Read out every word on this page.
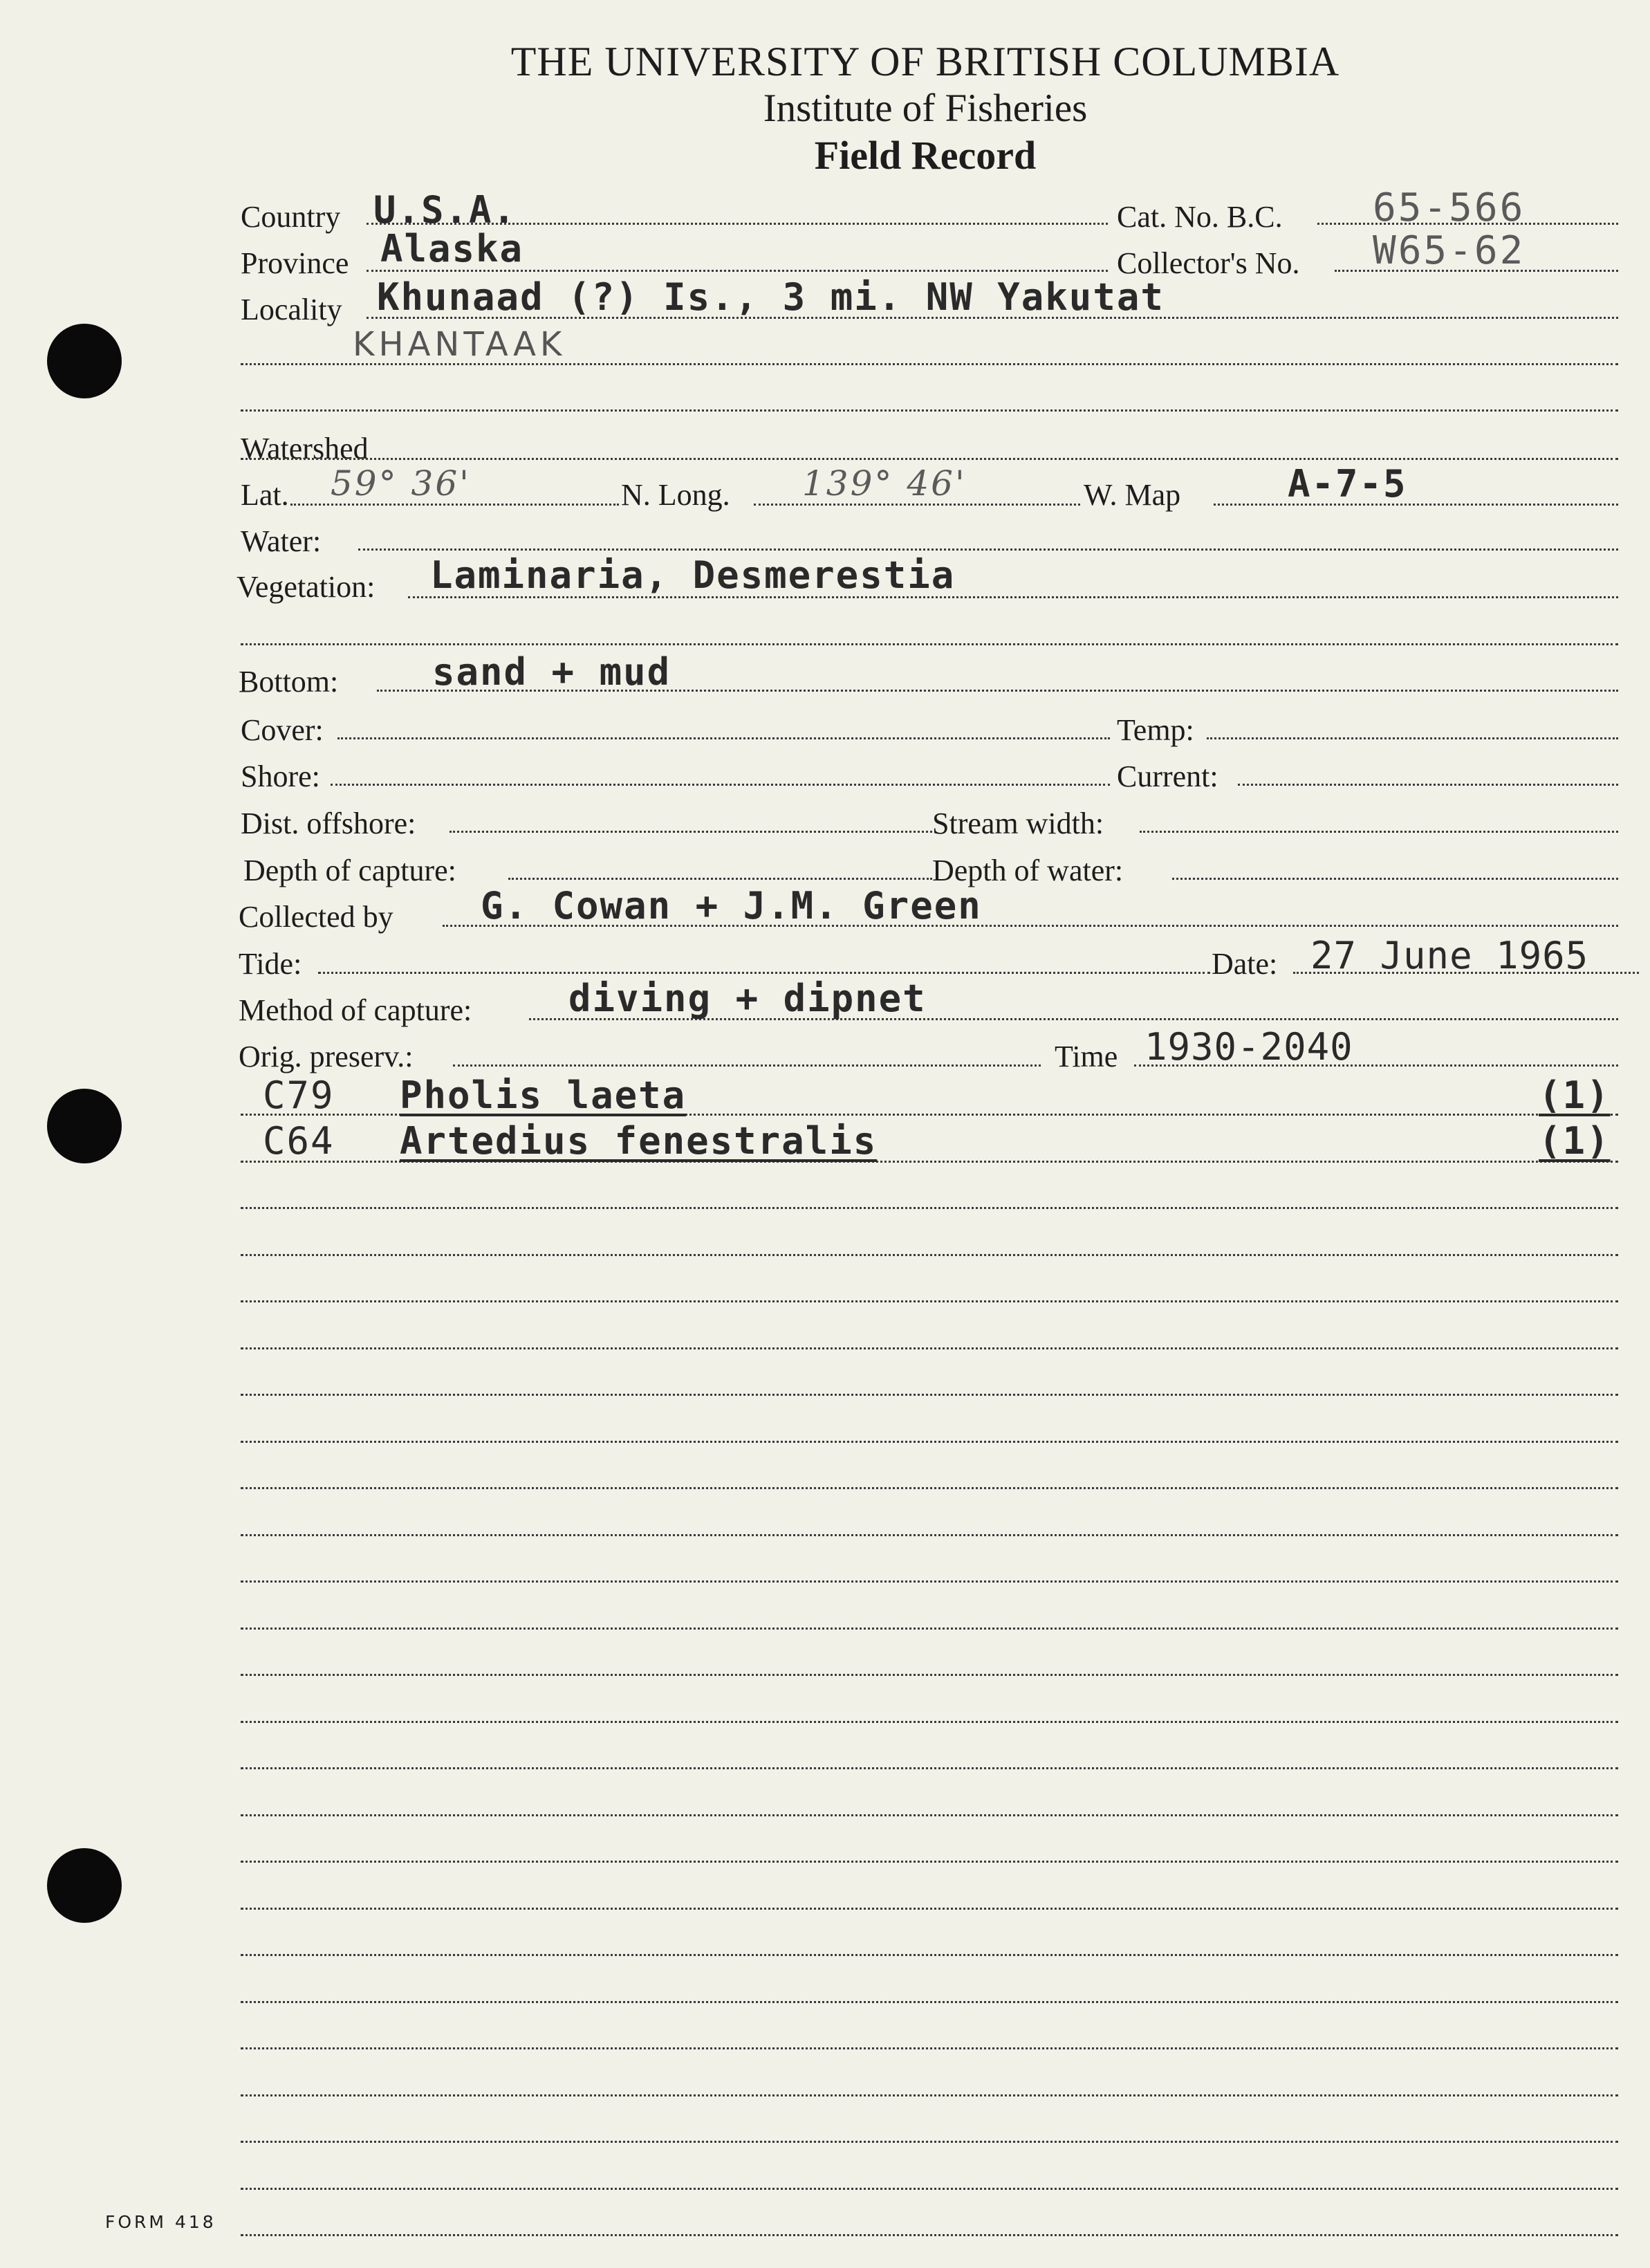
THE UNIVERSITY OF BRITISH COLUMBIA
Institute of Fisheries
Field Record
Country U.S.A.	Cat. No. B.C. 65-566
Province Alaska	Collector's No. W65-62
Locality Khunaad (?) Is., 3 mi. NW Yakutat
KHANTAAK
Watershed
Lat. 59° 36'	N. Long. 139° 46'	W. Map	A-7-5
Water:
Vegetation: Laminaria, Desmerestia
Bottom:	sand + mud
Cover:	Temp:
Shore:	Current:
Dist. offshore:	Stream width:
Depth of capture:	Depth of water:
Collected by G. Cowan + J.M. Green
Tide:	Date: 27 June 1965
Method of capture:	diving + dipnet
Orig. preserv.:	Time 1930-2040
C79 Pholis laeta	(1)
C64 Artedius fenestralis	(1)
FORM 418
